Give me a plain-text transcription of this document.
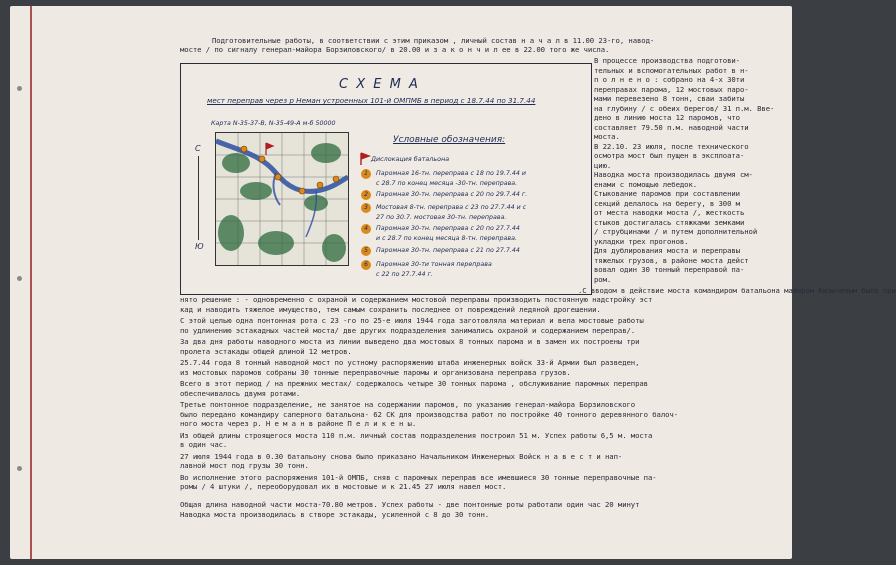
Подготовительные работы, в соответствии с этим приказом , личный состав н а ч а л в 11.00 23-го, навод-
мосте / по сигналу генерал-майора Борзиловского/ в 20.00 и з а к о н ч и л ее в 22.00 того же числа.
В процессе производства подготови-
тельных и вспомогательных работ в н-
п о л н е н о : собрано на 4-х 30ти
переправах парома, 12 мостовых паро-
мами перевезено 8 тонн, сваи забиты
на глубину / с обеих берегов/ 31 п.м. Вве-
дено в линию моста 12 паромов, что
составляет 79.50 п.м. наводной части
моста.
В 22.10. 23 июля, после технического
осмотра мост был пущен в эксплоата-
цию.
Наводка моста производилась двумя см-
енами с помощью лебедок.
Стыкование паромов при составлении
секций делалось на берегу, в 300 м
от места наводки моста /, жесткость
стыков достигалась стяжками земками
/ струбцинами / и путем дополнительной
укладки трех прогонов.
Для дублирования моста и переправы
тяжелых грузов, в районе моста дейст
вовал один 30 тонный переправой па-
ром.
С Х Е М А
мест переправ через р Неман устроенных 101-й ОМПМБ в период с 18.7.44 по 31.7.44
Карта N-35-37-В, N-35-49-А м-б 50000
С
Ю
Условные обозначения:
Дислокация батальона
1	Паромная 16-тн. переправа с 18 по 19.7.44 и
с 28.7 по конец месяца -30-тн. переправа.
2	Паромная 30-тн. переправа с 20 по 29.7.44 г.
3	Мостовая 8-тн. переправа с 23 по 27.7.44 и с
27 по 30.7. мостовая 30-тн. переправа.
4	Паромная 30-тн. переправа с 20 по 27.7.44
и с 28.7 по конец месяца 8-тн. переправа.
5	Паромная 30-тн. переправа с 21 по 27.7.44
6	Паромная 30-ти тонная переправа
с 22 по 27.7.44 г.
.С вводом в действие моста командиром батальона майором Кизыченым было при
нято решение : - одновременно с охраной и содержанием мостовой переправы производить постоянную надстройку эст
кад и наводить тяжелое имущество, тем самым сохранить последнее от повреждений ледяной дрогешении.
С этой целью одна понтонная рота с 23 -го по 25-е июля 1944 года заготовляла материал и вела мостовые работы
по удлинению эстакадных частей моста/ две других подразделения занимались охраной и содержанием переправ/.
За два дня работы наводного моста из линии выведено два мостовых 8 тонных парома и в замен их построены три
пролета эстакады общей длиной 12 метров.
25.7.44 года 8 тонный наводной мост по устному распоряжению штаба инженерных войск 33-й Армии был разведен,
из мостовых паромов собраны 30 тонные переправочные паромы и организована переправа грузов.
Всего в этот период / на прежних местах/ содержалось четыре 30 тонных парома , обслуживание паромных переправ
обеспечивалось двумя ротами.
Третье понтонное подразделение, не занятое на содержании паромов, по указанию генерал-майора Борзиловского
было передано командиру саперного батальона- 62 СК для производства работ по постройке 40 тонного деревянного балоч-
ного моста через р. Н е м а н в районе П е л и к е н ы.
Из общей длины строящегося моста 110 п.м. личный состав подразделения построил 51 м. Успех работы 6,5 м. моста
в один час.
27 июля 1944 года в 0.30 батальону снова было приказано Начальником Инженерных Войск н а в е с т и нап-
лавной мост под грузы 30 тонн.
Во исполнение этого распоряжения 101-й ОМПБ, сняв с паромных переправ все имевшиеся 30 тонные переправочные па-
ромы / 4 штуки /, переоборудовал их в мостовые и к 21.45 27 июля навел мост.
Общая длина наводной части моста-70.80 метров. Успех работы - две понтонные роты работали один час 20 минут
Наводка моста производилась в створе эстакады, усиленной с 8 до 30 тонн.
